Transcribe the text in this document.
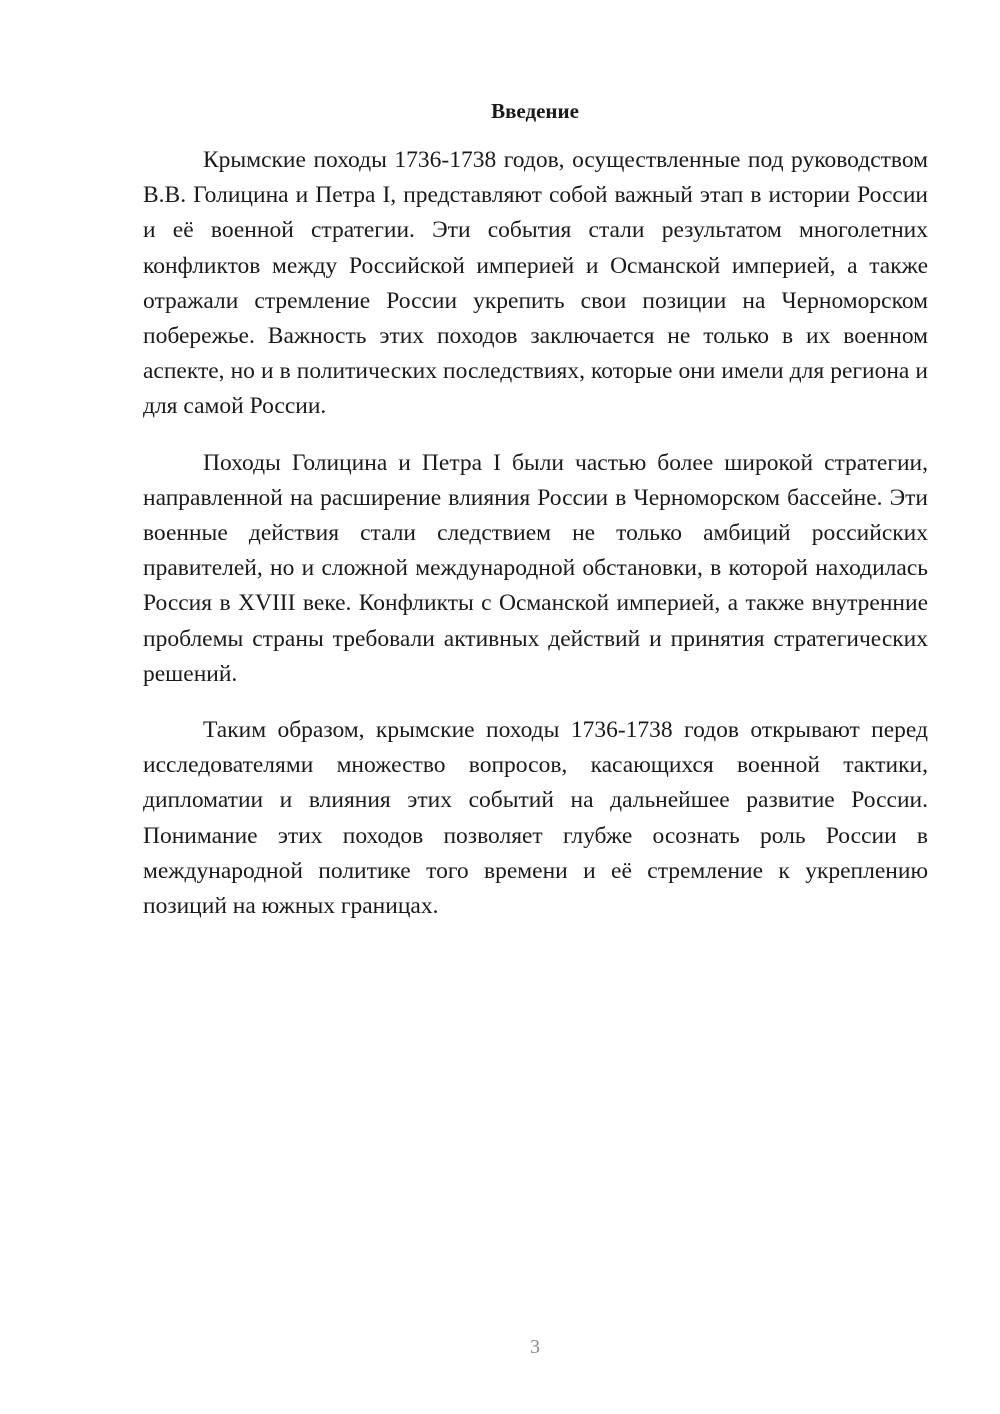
Введение

Крымские походы 1736-1738 годов, осуществленные под руководством В.В. Голицина и Петра I, представляют собой важный этап в истории России и её военной стратегии. Эти события стали результатом многолетних конфликтов между Российской империей и Османской империей, а также отражали стремление России укрепить свои позиции на Черноморском побережье. Важность этих походов заключается не только в их военном аспекте, но и в политических последствиях, которые они имели для региона и для самой России.

Походы Голицина и Петра I были частью более широкой стратегии, направленной на расширение влияния России в Черноморском бассейне. Эти военные действия стали следствием не только амбиций российских правителей, но и сложной международной обстановки, в которой находилась Россия в XVIII веке. Конфликты с Османской империей, а также внутренние проблемы страны требовали активных действий и принятия стратегических решений.

Таким образом, крымские походы 1736-1738 годов открывают перед исследователями множество вопросов, касающихся военной тактики, дипломатии и влияния этих событий на дальнейшее развитие России. Понимание этих походов позволяет глубже осознать роль России в международной политике того времени и её стремление к укреплению позиций на южных границах.

3
